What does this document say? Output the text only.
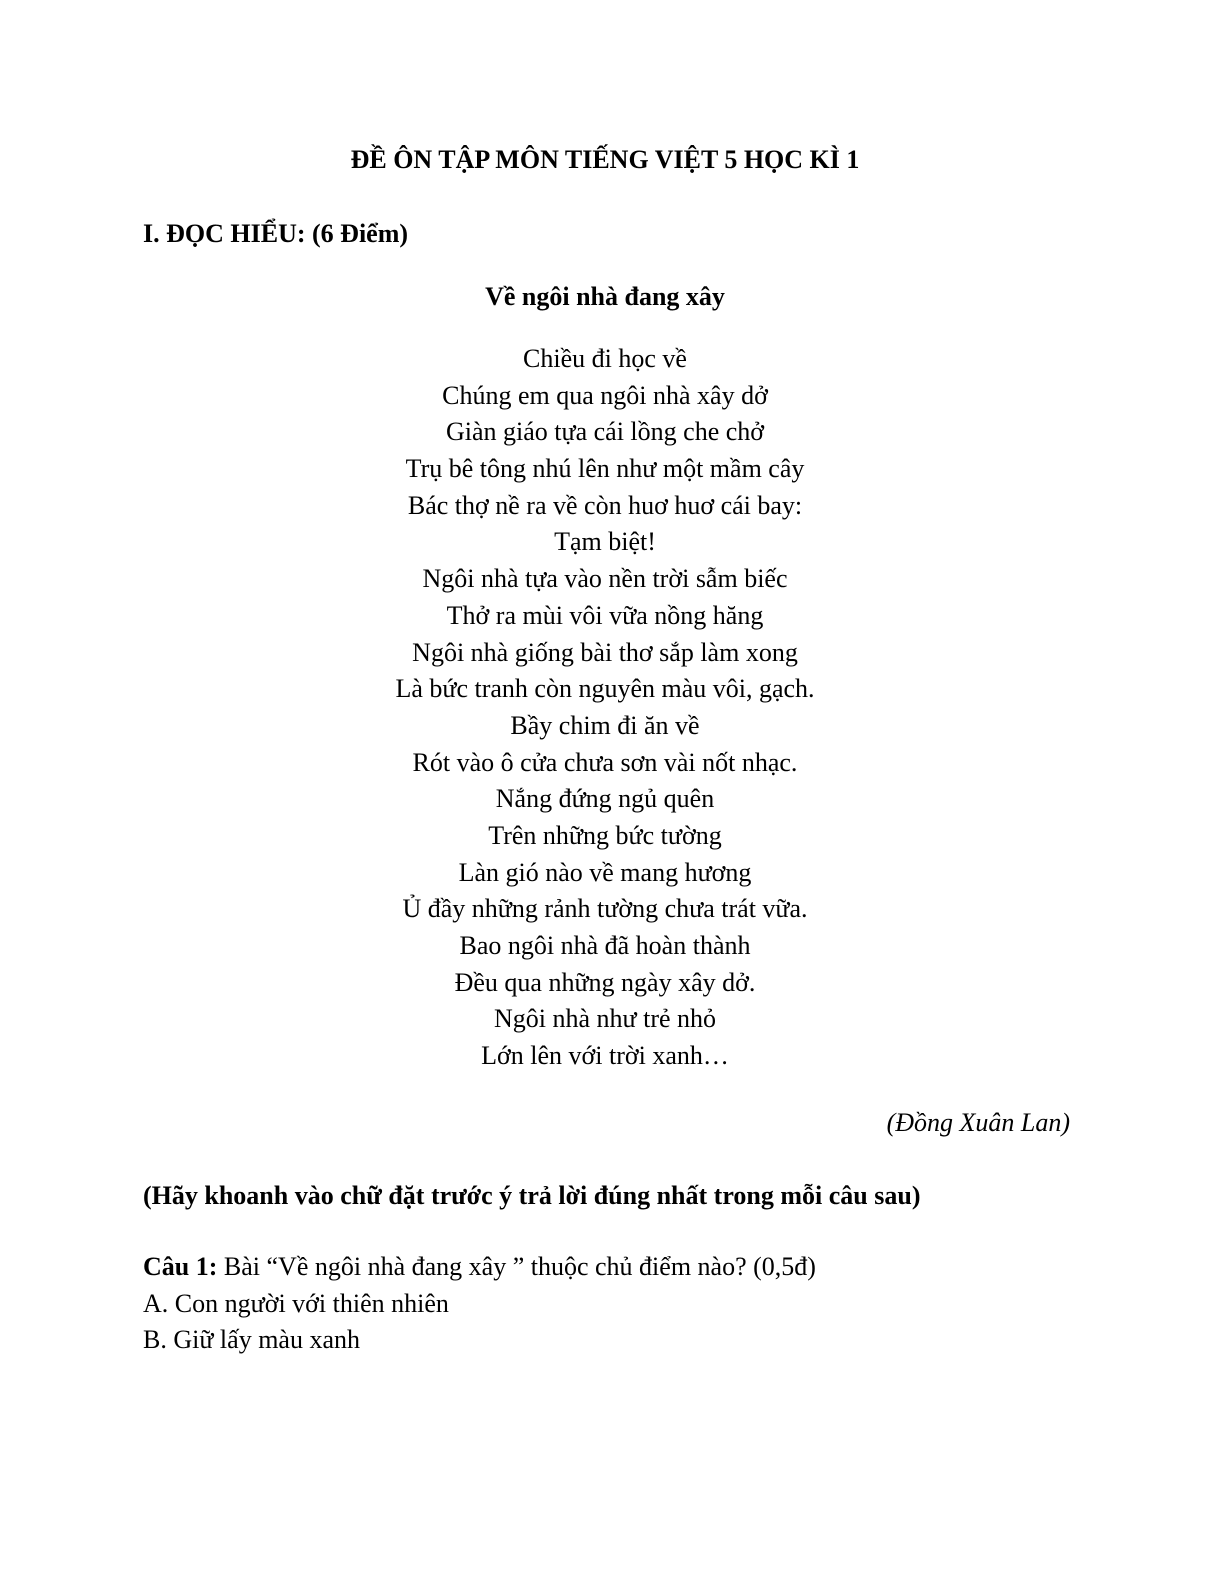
ĐỀ ÔN TẬP MÔN TIẾNG VIỆT 5 HỌC KÌ 1
I. ĐỌC HIỂU: (6 Điểm)
Về ngôi nhà đang xây
Chiều đi học về
Chúng em qua ngôi nhà xây dở
Giàn giáo tựa cái lồng che chở
Trụ bê tông nhú lên như một mầm cây
Bác thợ nề ra về còn huơ huơ cái bay:
Tạm biệt!
Ngôi nhà tựa vào nền trời sẫm biếc
Thở ra mùi vôi vữa nồng hăng
Ngôi nhà giống bài thơ sắp làm xong
Là bức tranh còn nguyên màu vôi, gạch.
Bầy chim đi ăn về
Rót vào ô cửa chưa sơn vài nốt nhạc.
Nắng đứng ngủ quên
Trên những bức tường
Làn gió nào về mang hương
Ủ đầy những rảnh tường chưa trát vữa.
Bao ngôi nhà đã hoàn thành
Đều qua những ngày xây dở.
Ngôi nhà như trẻ nhỏ
Lớn lên với trời xanh…
(Đồng Xuân Lan)
(Hãy khoanh vào chữ đặt trước ý trả lời đúng nhất trong mỗi câu sau)
Câu 1: Bài “Về ngôi nhà đang xây ” thuộc chủ điểm nào? (0,5đ)
A. Con người với thiên nhiên
B. Giữ lấy màu xanh
